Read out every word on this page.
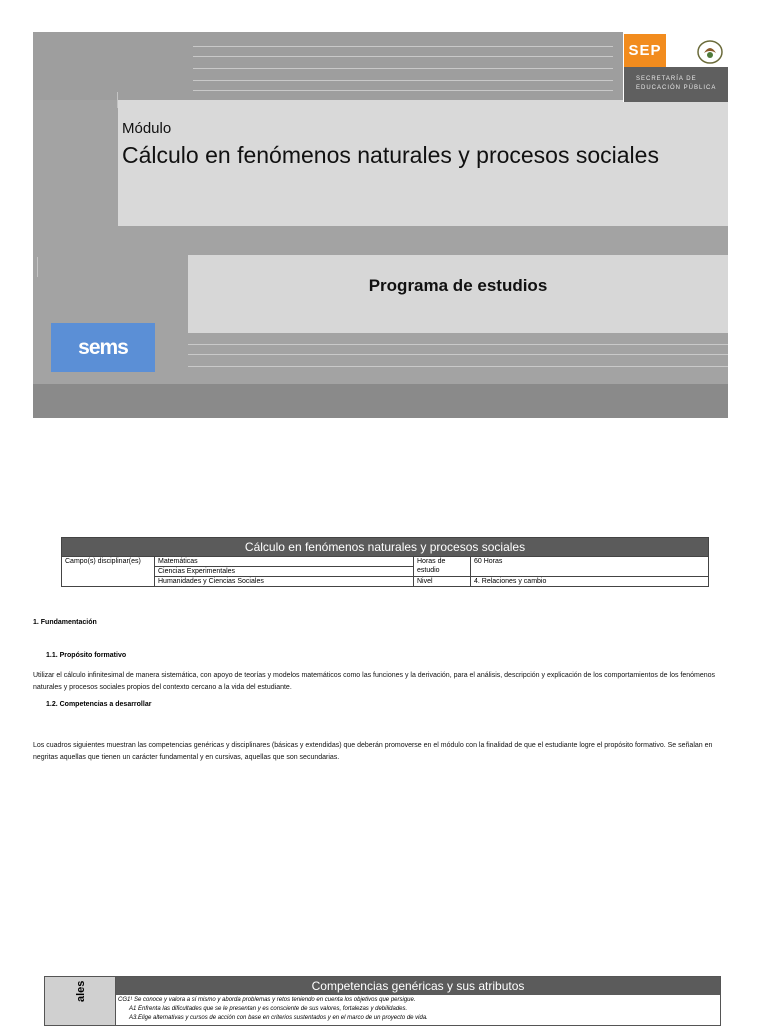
Módulo
Cálculo en fenómenos naturales y procesos sociales
Programa de estudios
sems
SEP
SECRETARÍA DE
EDUCACIÓN PÚBLICA
Cálculo en fenómenos naturales y procesos sociales			
Campo(s) disciplinar(es)	Matemáticas	Horas de estudio	60 Horas
	Ciencias Experimentales		
	Humanidades y Ciencias Sociales	Nivel	4. Relaciones y cambio
1. Fundamentación
1.1. Propósito formativo
Utilizar el cálculo infinitesimal de manera sistemática, con apoyo de teorías y modelos matemáticos como las funciones y la derivación, para el análisis, descripción y explicación de los comportamientos de los fenómenos naturales y procesos sociales propios del contexto cercano a la vida del estudiante.
1.2. Competencias a desarrollar
Los cuadros siguientes muestran las competencias genéricas y disciplinares (básicas y extendidas) que deberán promoverse en el módulo con la finalidad de que el estudiante logre el propósito formativo. Se señalan en negritas aquellas que tienen un carácter fundamental y en cursivas, aquellas que son secundarias.
ales	Competencias genéricas y sus atributos
CG1¹ Se conoce y valora a sí mismo y aborda problemas y retos teniendo en cuenta los objetivos que persigue.
A1 Enfrenta las dificultades que se le presentan y es consciente de sus valores, fortalezas y debilidades.
A3.Elige alternativas y cursos de acción con base en criterios sustentados y en el marco de un proyecto de vida.
